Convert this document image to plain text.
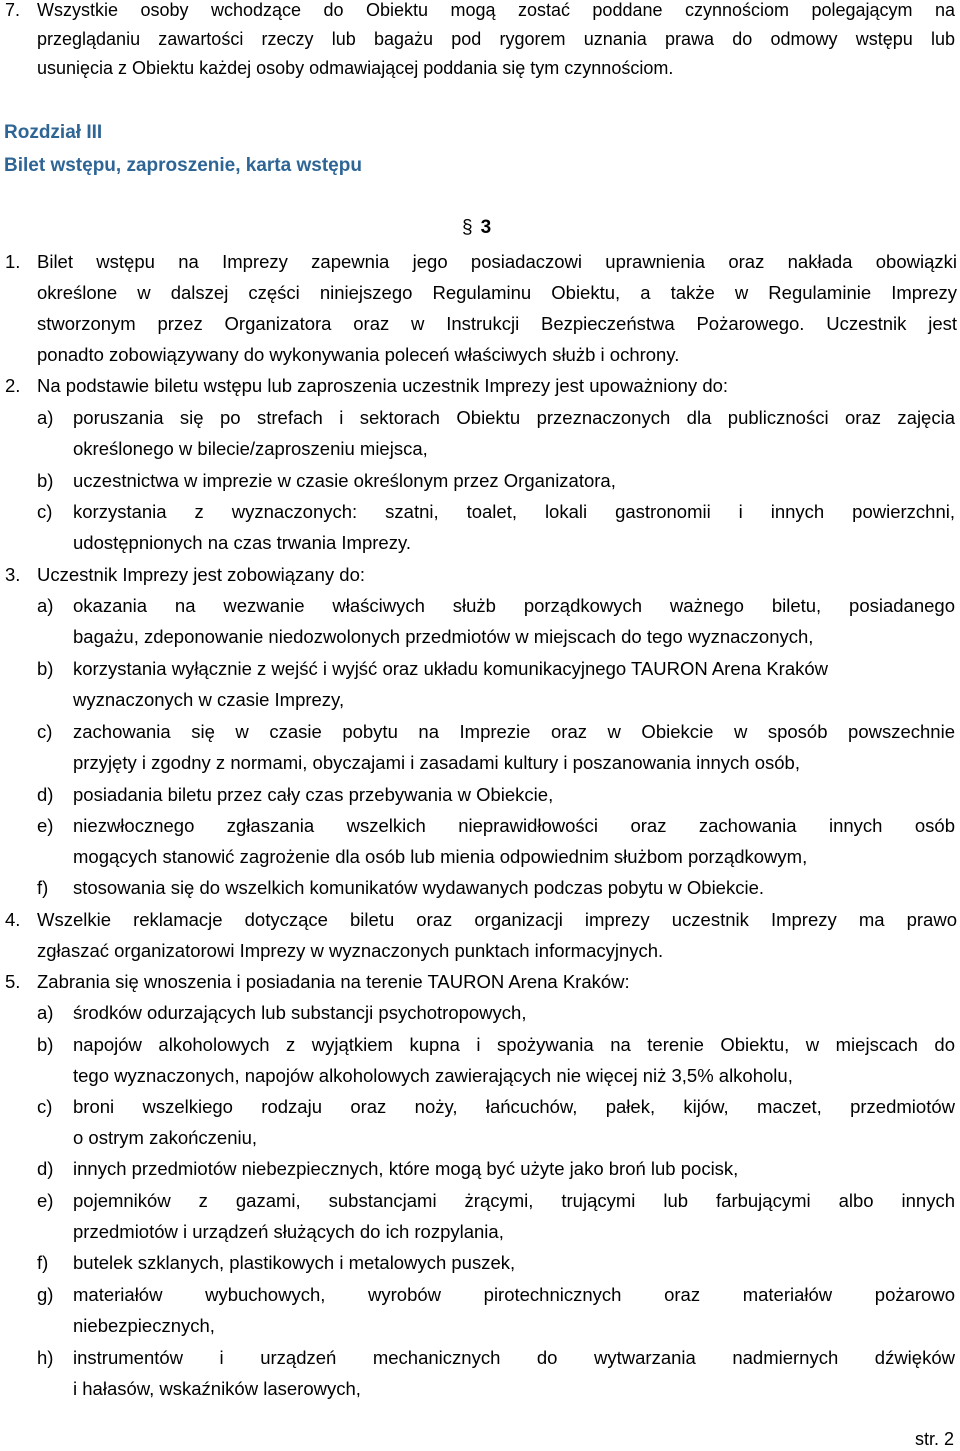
7. Wszystkie osoby wchodzące do Obiektu mogą zostać poddane czynnościom polegającym na
przeglądaniu zawartości rzeczy lub bagażu pod rygorem uznania prawa do odmowy wstępu lub
usunięcia z Obiektu każdej osoby odmawiającej poddania się tym czynnościom.
Rozdział III
Bilet wstępu, zaproszenie, karta wstępu
§ 3
1. Bilet wstępu na Imprezy zapewnia jego posiadaczowi uprawnienia oraz nakłada obowiązki
określone w dalszej części niniejszego Regulaminu Obiektu, a także w Regulaminie Imprezy
stworzonym przez Organizatora oraz w Instrukcji Bezpieczeństwa Pożarowego. Uczestnik jest
ponadto zobowiązywany do wykonywania poleceń właściwych służb i ochrony.
2. Na podstawie biletu wstępu lub zaproszenia uczestnik Imprezy jest upoważniony do:
a) poruszania się po strefach i sektorach Obiektu przeznaczonych dla publiczności oraz zajęcia
określonego w bilecie/zaproszeniu miejsca,
b) uczestnictwa w imprezie w czasie określonym przez Organizatora,
c) korzystania z wyznaczonych: szatni, toalet, lokali gastronomii i innych powierzchni,
udostępnionych na czas trwania Imprezy.
3. Uczestnik Imprezy jest zobowiązany do:
a) okazania na wezwanie właściwych służb porządkowych ważnego biletu, posiadanego
bagażu, zdeponowanie niedozwolonych przedmiotów w miejscach do tego wyznaczonych,
b) korzystania wyłącznie z wejść i wyjść oraz układu komunikacyjnego TAURON Arena Kraków
wyznaczonych w czasie Imprezy,
c) zachowania się w czasie pobytu na Imprezie oraz w Obiekcie w sposób powszechnie
przyjęty i zgodny z normami, obyczajami i zasadami kultury i poszanowania innych osób,
d) posiadania biletu przez cały czas przebywania w Obiekcie,
e) niezwłocznego zgłaszania wszelkich nieprawidłowości oraz zachowania innych osób
mogących stanowić zagrożenie dla osób lub mienia odpowiednim służbom porządkowym,
f) stosowania się do wszelkich komunikatów wydawanych podczas pobytu w Obiekcie.
4. Wszelkie reklamacje dotyczące biletu oraz organizacji imprezy uczestnik Imprezy ma prawo
zgłaszać organizatorowi Imprezy w wyznaczonych punktach informacyjnych.
5. Zabrania się wnoszenia i posiadania na terenie TAURON Arena Kraków:
a) środków odurzających lub substancji psychotropowych,
b) napojów alkoholowych z wyjątkiem kupna i spożywania na terenie Obiektu, w miejscach do
tego wyznaczonych, napojów alkoholowych zawierających nie więcej niż 3,5% alkoholu,
c) broni wszelkiego rodzaju oraz noży, łańcuchów, pałek, kijów, maczet, przedmiotów
o ostrym zakończeniu,
d) innych przedmiotów niebezpiecznych, które mogą być użyte jako broń lub pocisk,
e) pojemników z gazami, substancjami żrącymi, trującymi lub farbującymi albo innych
przedmiotów i urządzeń służących do ich rozpylania,
f) butelek szklanych, plastikowych i metalowych puszek,
g) materiałów wybuchowych, wyrobów pirotechnicznych oraz materiałów pożarowo
niebezpiecznych,
h) instrumentów i urządzeń mechanicznych do wytwarzania nadmiernych dźwięków
i hałasów, wskaźników laserowych,
str. 2
